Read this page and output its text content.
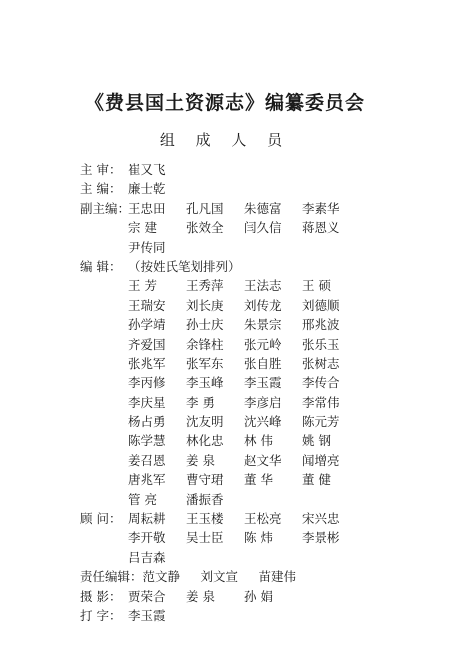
《费县国土资源志》编纂委员会
组 成 人 员
主 审： 崔又飞
主 编： 廉士乾
副主编：
王忠田	孔凡国	朱德富	李素华
宗 建	张效全	闫久信	蒋恩义
尹传同
编 辑： （按姓氏笔划排列）
王 芳	王秀萍	王法志	王 硕
王瑞安	刘长庚	刘传龙	刘德顺
孙学靖	孙士庆	朱景宗	邢兆波
齐爱国	余锋柱	张元岭	张乐玉
张兆军	张军东	张自胜	张树志
李丙修	李玉峰	李玉霞	李传合
李庆星	李 勇	李彦启	李常伟
杨占勇	沈友明	沈兴峰	陈元芳
陈学慧	林化忠	林 伟	姚 钢
姜召恩	姜 泉	赵文华	闻增亮
唐兆军	曹守珺	董 华	董 健
管 亮	潘振香
顾 问： 周耘耕	王玉楼	王松亮	宋兴忠
李开敬	吴士臣	陈 炜	李景彬
吕吉森
责任编辑： 范文静	刘文宣	苗建伟
摄 影： 贾荣合	姜 泉	孙 娟
打 字： 李玉霞
